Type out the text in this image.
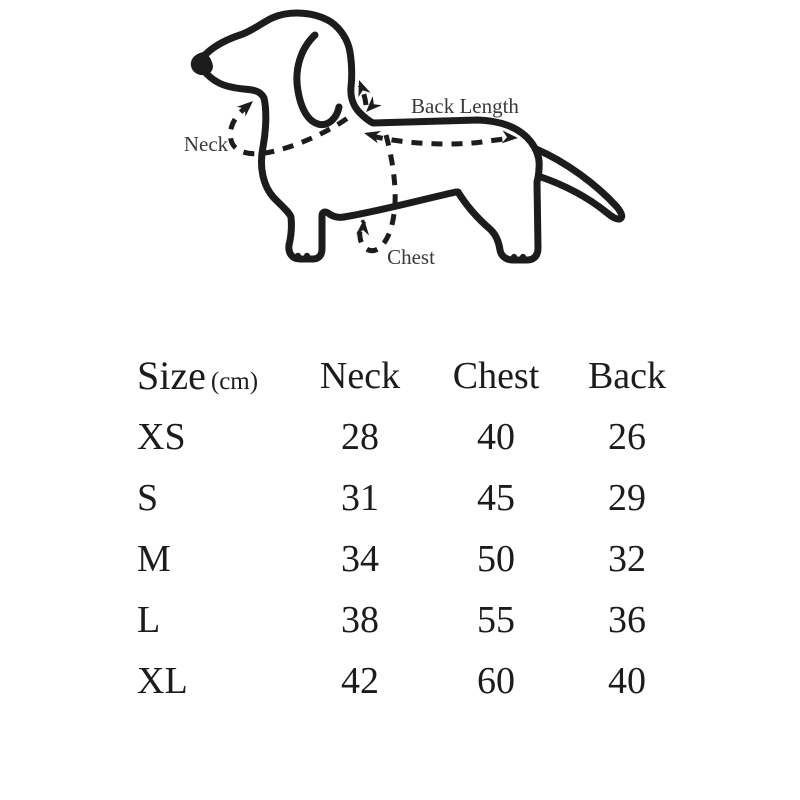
Neck
Back Length
Chest
Size (cm)	Neck	Chest	Back
XS	28	40	26
S	31	45	29
M	34	50	32
L	38	55	36
XL	42	60	40
